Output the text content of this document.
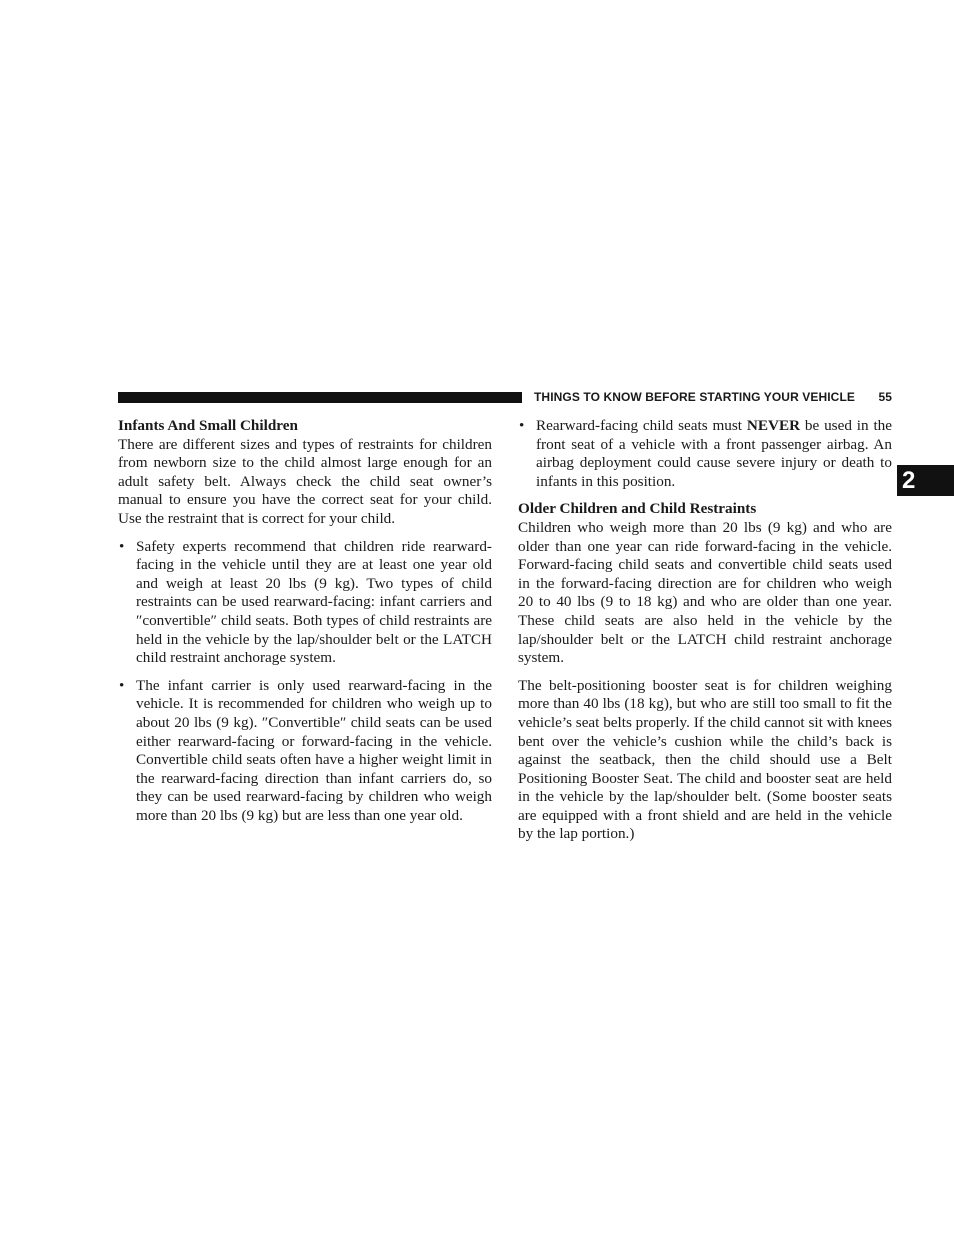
THINGS TO KNOW BEFORE STARTING YOUR VEHICLE 55
2
Infants And Small Children

There are different sizes and types of restraints for children from newborn size to the child almost large enough for an adult safety belt. Always check the child seat owner’s manual to ensure you have the correct seat for your child. Use the restraint that is correct for your child.

• Safety experts recommend that children ride rearward-facing in the vehicle until they are at least one year old and weigh at least 20 lbs (9 kg). Two types of child restraints can be used rearward-facing: infant carriers and ″convertible″ child seats. Both types of child restraints are held in the vehicle by the lap/shoulder belt or the LATCH child restraint anchorage system.
• The infant carrier is only used rearward-facing in the vehicle. It is recommended for children who weigh up to about 20 lbs (9 kg). ″Convertible″ child seats can be used either rearward-facing or forward-facing in the vehicle. Convertible child seats often have a higher weight limit in the rearward-facing direction than infant carriers do, so they can be used rearward-facing by children who weigh more than 20 lbs (9 kg) but are less than one year old.
• Rearward-facing child seats must NEVER be used in the front seat of a vehicle with a front passenger airbag. An airbag deployment could cause severe injury or death to infants in this position.
Older Children and Child Restraints

Children who weigh more than 20 lbs (9 kg) and who are older than one year can ride forward-facing in the vehicle. Forward-facing child seats and convertible child seats used in the forward-facing direction are for children who weigh 20 to 40 lbs (9 to 18 kg) and who are older than one year. These child seats are also held in the vehicle by the lap/shoulder belt or the LATCH child restraint anchorage system.

The belt-positioning booster seat is for children weighing more than 40 lbs (18 kg), but who are still too small to fit the vehicle’s seat belts properly. If the child cannot sit with knees bent over the vehicle’s cushion while the child’s back is against the seatback, then the child should use a Belt Positioning Booster Seat. The child and booster seat are held in the vehicle by the lap/shoulder belt. (Some booster seats are equipped with a front shield and are held in the vehicle by the lap portion.)
